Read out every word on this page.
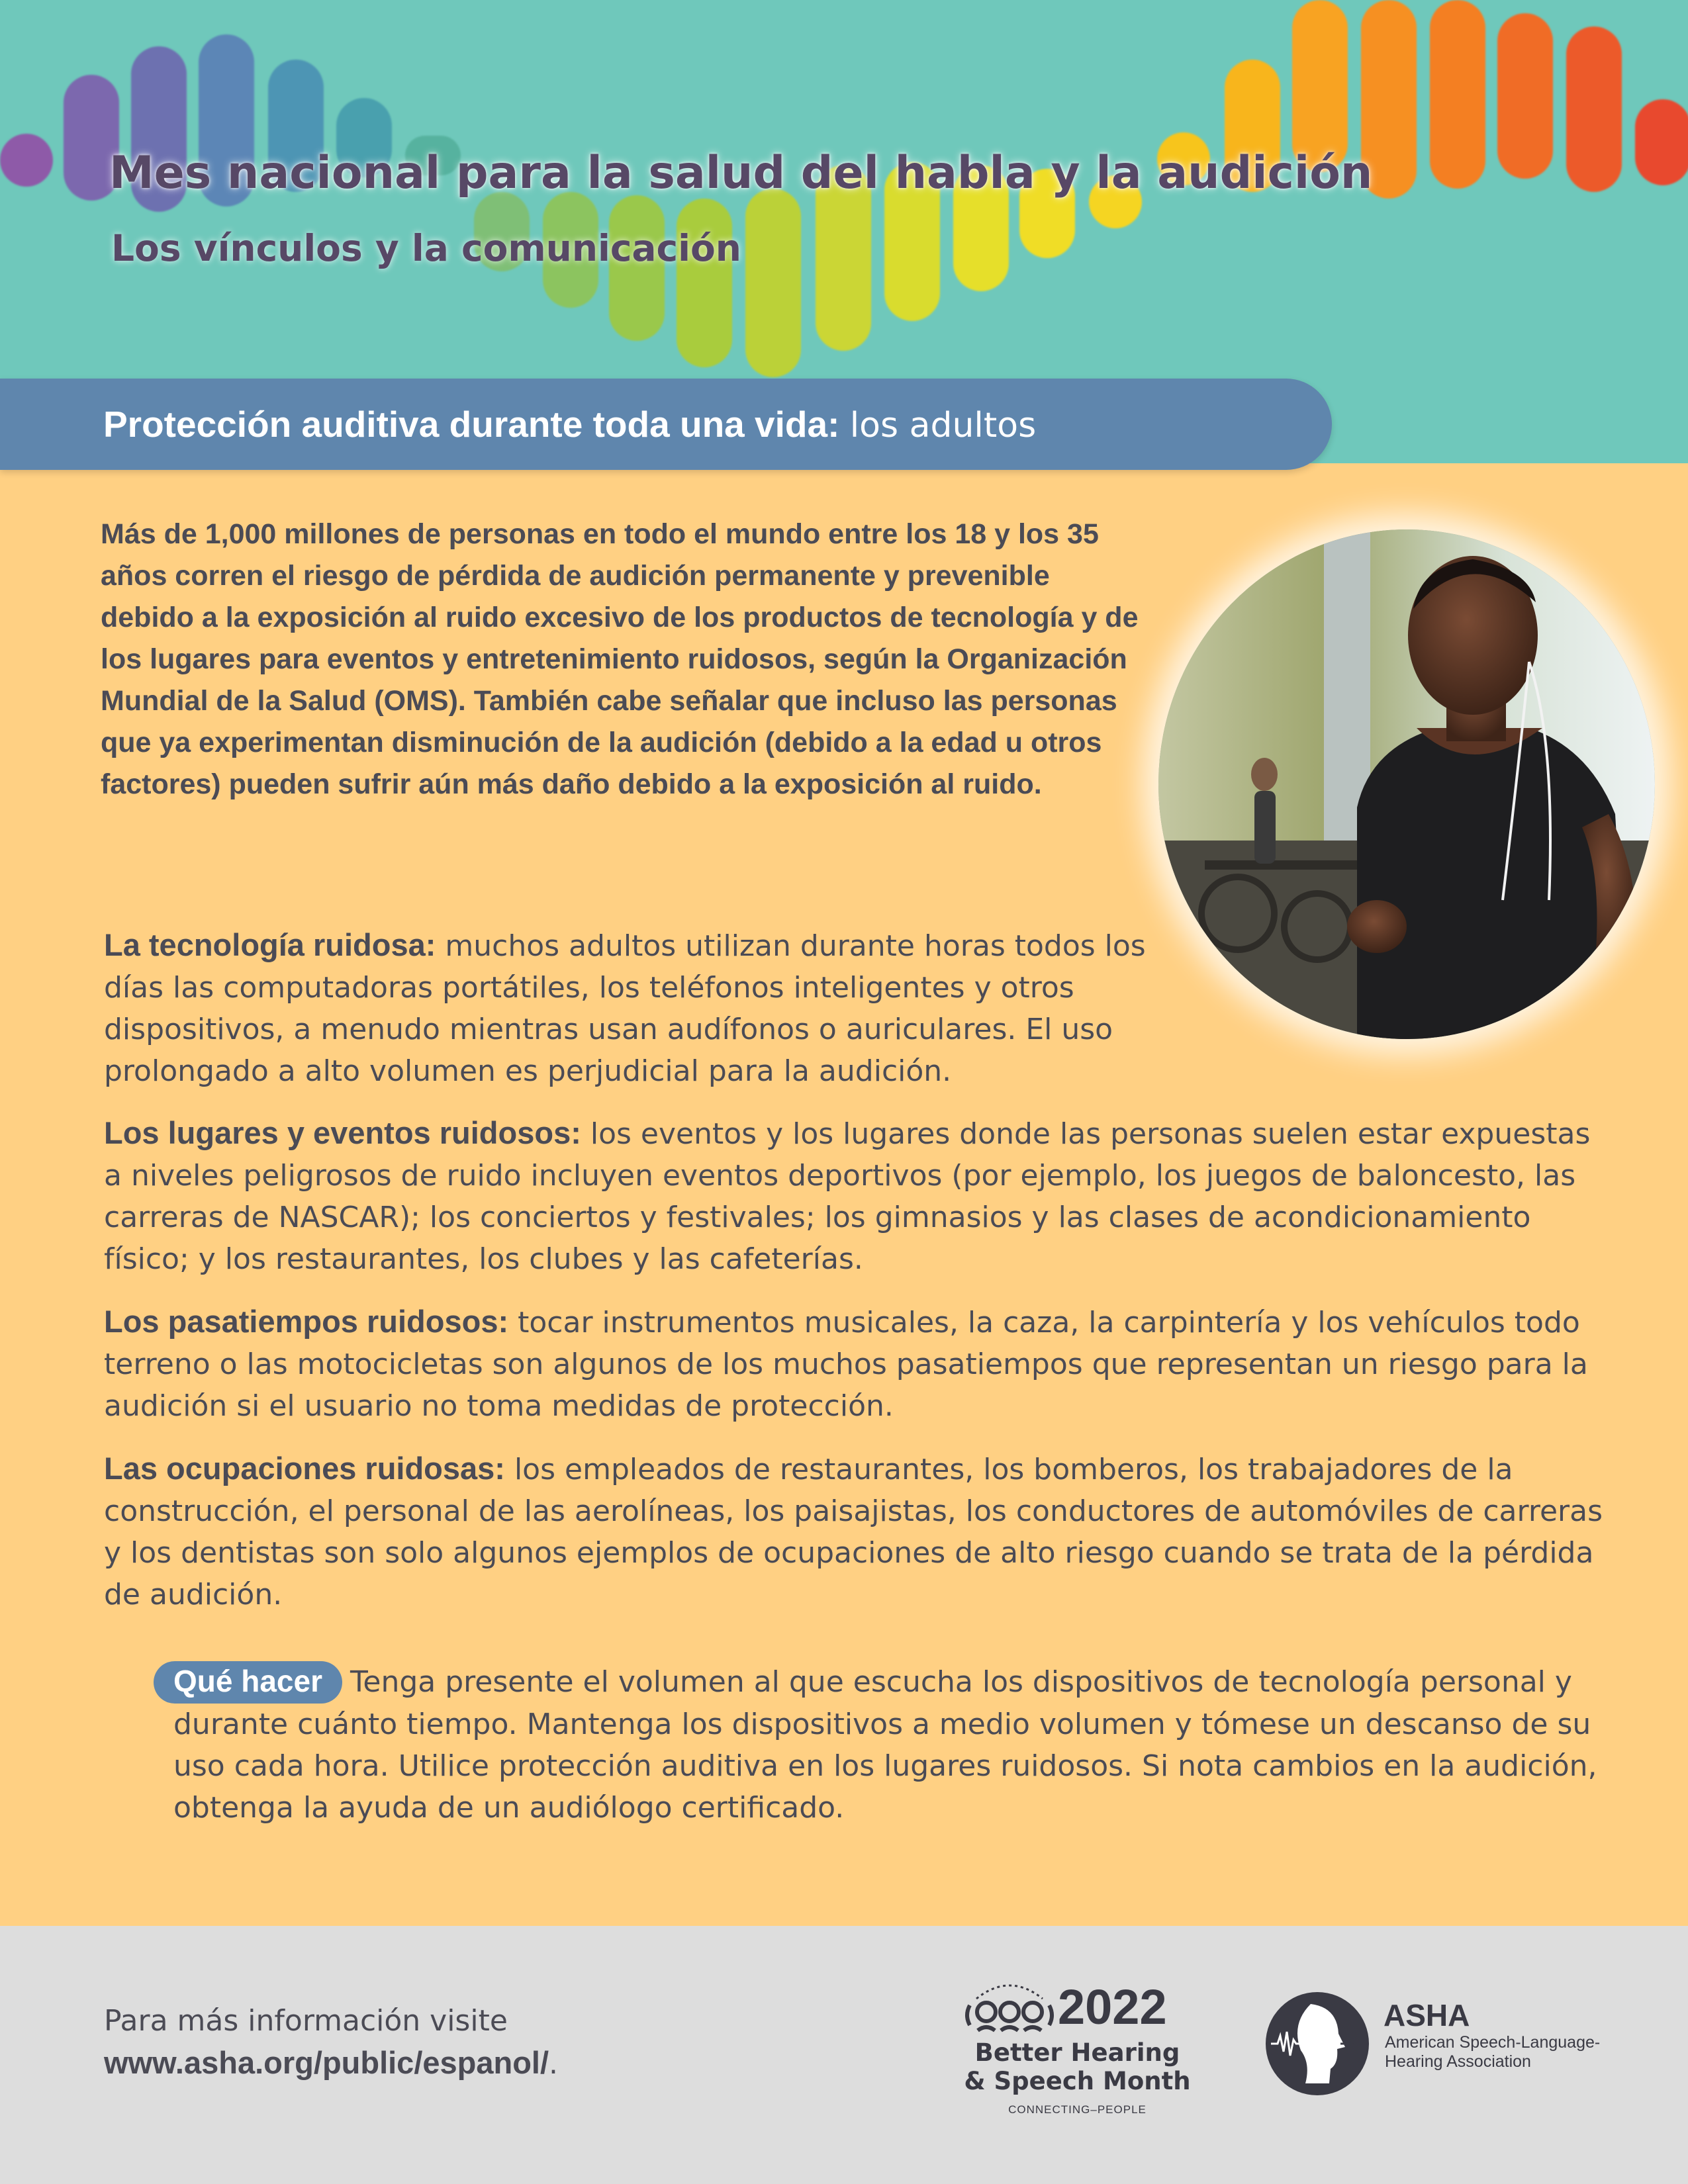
Mes nacional para la salud del habla y la audición
Los vínculos y la comunicación
Protección auditiva durante toda una vida: los adultos

Más de 1,000 millones de personas en todo el mundo entre los 18 y los 35 años corren el riesgo de pérdida de audición permanente y prevenible debido a la exposición al ruido excesivo de los productos de tecnología y de los lugares para eventos y entretenimiento ruidosos, según la Organización Mundial de la Salud (OMS). También cabe señalar que incluso las personas que ya experimentan disminución de la audición (debido a la edad u otros factores) pueden sufrir aún más daño debido a la exposición al ruido.

La tecnología ruidosa: muchos adultos utilizan durante horas todos los días las computadoras portátiles, los teléfonos inteligentes y otros dispositivos, a menudo mientras usan audífonos o auriculares. El uso prolongado a alto volumen es perjudicial para la audición.

Los lugares y eventos ruidosos: los eventos y los lugares donde las personas suelen estar expuestas a niveles peligrosos de ruido incluyen eventos deportivos (por ejemplo, los juegos de baloncesto, las carreras de NASCAR); los conciertos y festivales; los gimnasios y las clases de acondicionamiento físico; y los restaurantes, los clubes y las cafeterías.

Los pasatiempos ruidosos: tocar instrumentos musicales, la caza, la carpintería y los vehículos todo terreno o las motocicletas son algunos de los muchos pasatiempos que representan un riesgo para la audición si el usuario no toma medidas de protección.

Las ocupaciones ruidosas: los empleados de restaurantes, los bomberos, los trabajadores de la construcción, el personal de las aerolíneas, los paisajistas, los conductores de automóviles de carreras y los dentistas son solo algunos ejemplos de ocupaciones de alto riesgo cuando se trata de la pérdida de audición.

Qué hacer Tenga presente el volumen al que escucha los dispositivos de tecnología personal y durante cuánto tiempo. Mantenga los dispositivos a medio volumen y tómese un descanso de su uso cada hora. Utilice protección auditiva en los lugares ruidosos. Si nota cambios en la audición, obtenga la ayuda de un audiólogo certificado.

Para más información visite
www.asha.org/public/espanol/.

2022
Better Hearing
& Speech Month
CONNECTING–PEOPLE
ASHA
American Speech-Language-Hearing Association
